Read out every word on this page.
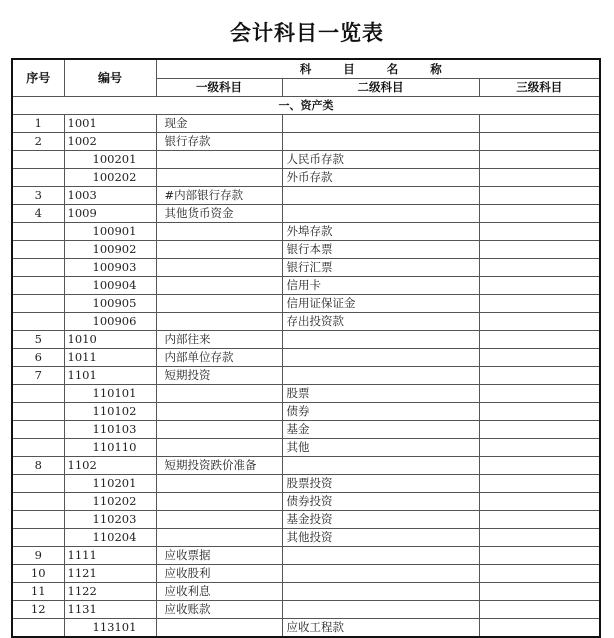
会计科目一览表
序号	编号	科 目 名 称		
		一级科目	二级科目	三级科目
一、资产类				
1	1001	现金		
2	1002	银行存款		
	100201		人民币存款	
	100202		外币存款	
3	1003	#内部银行存款		
4	1009	其他货币资金		
	100901		外埠存款	
	100902		银行本票	
	100903		银行汇票	
	100904		信用卡	
	100905		信用证保证金	
	100906		存出投资款	
5	1010	内部往来		
6	1011	内部单位存款		
7	1101	短期投资		
	110101		股票	
	110102		债券	
	110103		基金	
	110110		其他	
8	1102	短期投资跌价准备		
	110201		股票投资	
	110202		债券投资	
	110203		基金投资	
	110204		其他投资	
9	1111	应收票据		
10	1121	应收股利		
11	1122	应收利息		
12	1131	应收账款		
	113101		应收工程款	
